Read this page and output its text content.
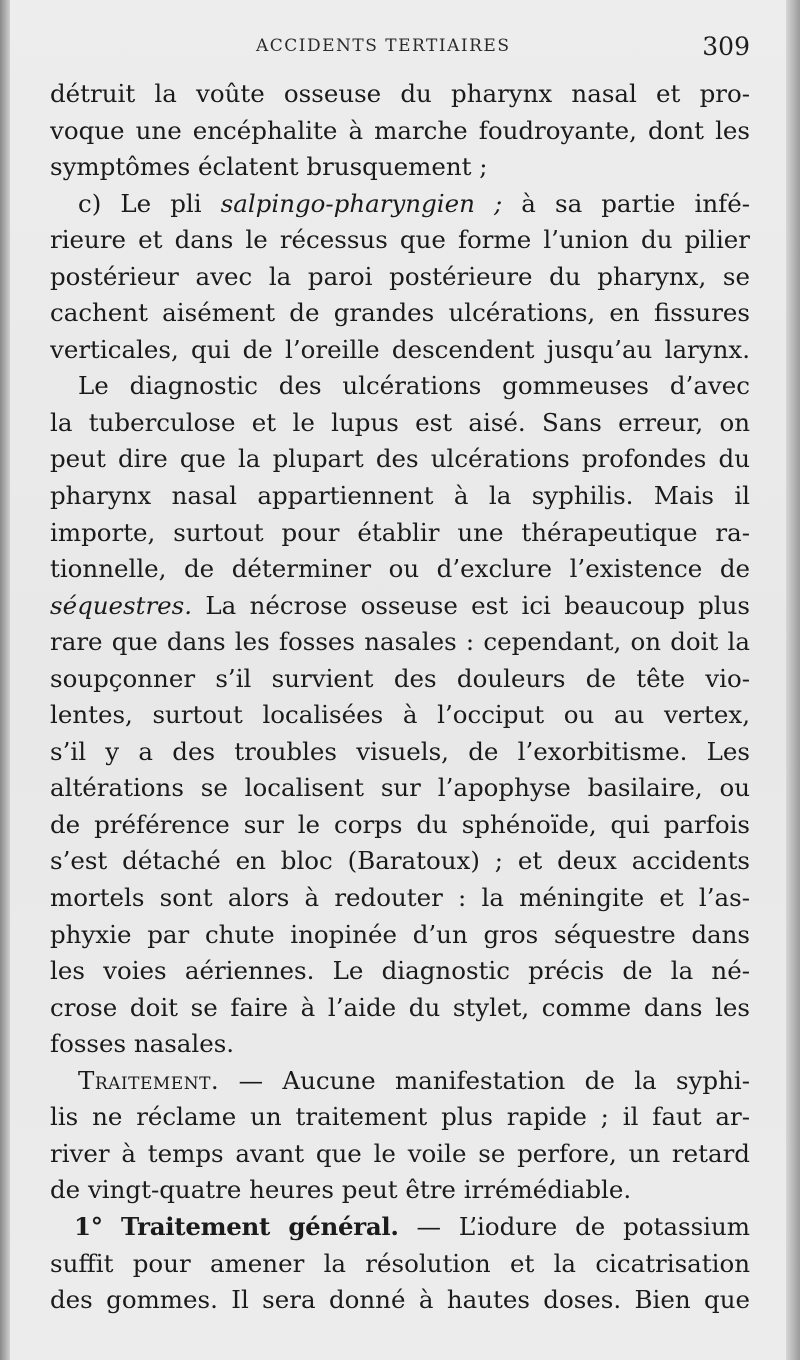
ACCIDENTS TERTIAIRES	309
détruit la voûte osseuse du pharynx nasal et pro-
voque une encéphalite à marche foudroyante, dont les
symptômes éclatent brusquement ;
c) Le pli salpingo-pharyngien ; à sa partie infé-
rieure et dans le récessus que forme l’union du pilier
postérieur avec la paroi postérieure du pharynx, se
cachent aisément de grandes ulcérations, en fissures
verticales, qui de l’oreille descendent jusqu’au larynx.
Le diagnostic des ulcérations gommeuses d’avec
la tuberculose et le lupus est aisé. Sans erreur, on
peut dire que la plupart des ulcérations profondes du
pharynx nasal appartiennent à la syphilis. Mais il
importe, surtout pour établir une thérapeutique ra-
tionnelle, de déterminer ou d’exclure l’existence de
séquestres. La nécrose osseuse est ici beaucoup plus
rare que dans les fosses nasales : cependant, on doit la
soupçonner s’il survient des douleurs de tête vio-
lentes, surtout localisées à l’occiput ou au vertex,
s’il y a des troubles visuels, de l’exorbitisme. Les
altérations se localisent sur l’apophyse basilaire, ou
de préférence sur le corps du sphénoïde, qui parfois
s’est détaché en bloc (Baratoux) ; et deux accidents
mortels sont alors à redouter : la méningite et l’as-
phyxie par chute inopinée d’un gros séquestre dans
les voies aériennes. Le diagnostic précis de la né-
crose doit se faire à l’aide du stylet, comme dans les
fosses nasales.
Traitement. — Aucune manifestation de la syphi-
lis ne réclame un traitement plus rapide ; il faut ar-
river à temps avant que le voile se perfore, un retard
de vingt-quatre heures peut être irrémédiable.
1° Traitement général. — L’iodure de potassium
suffit pour amener la résolution et la cicatrisation
des gommes. Il sera donné à hautes doses. Bien que
